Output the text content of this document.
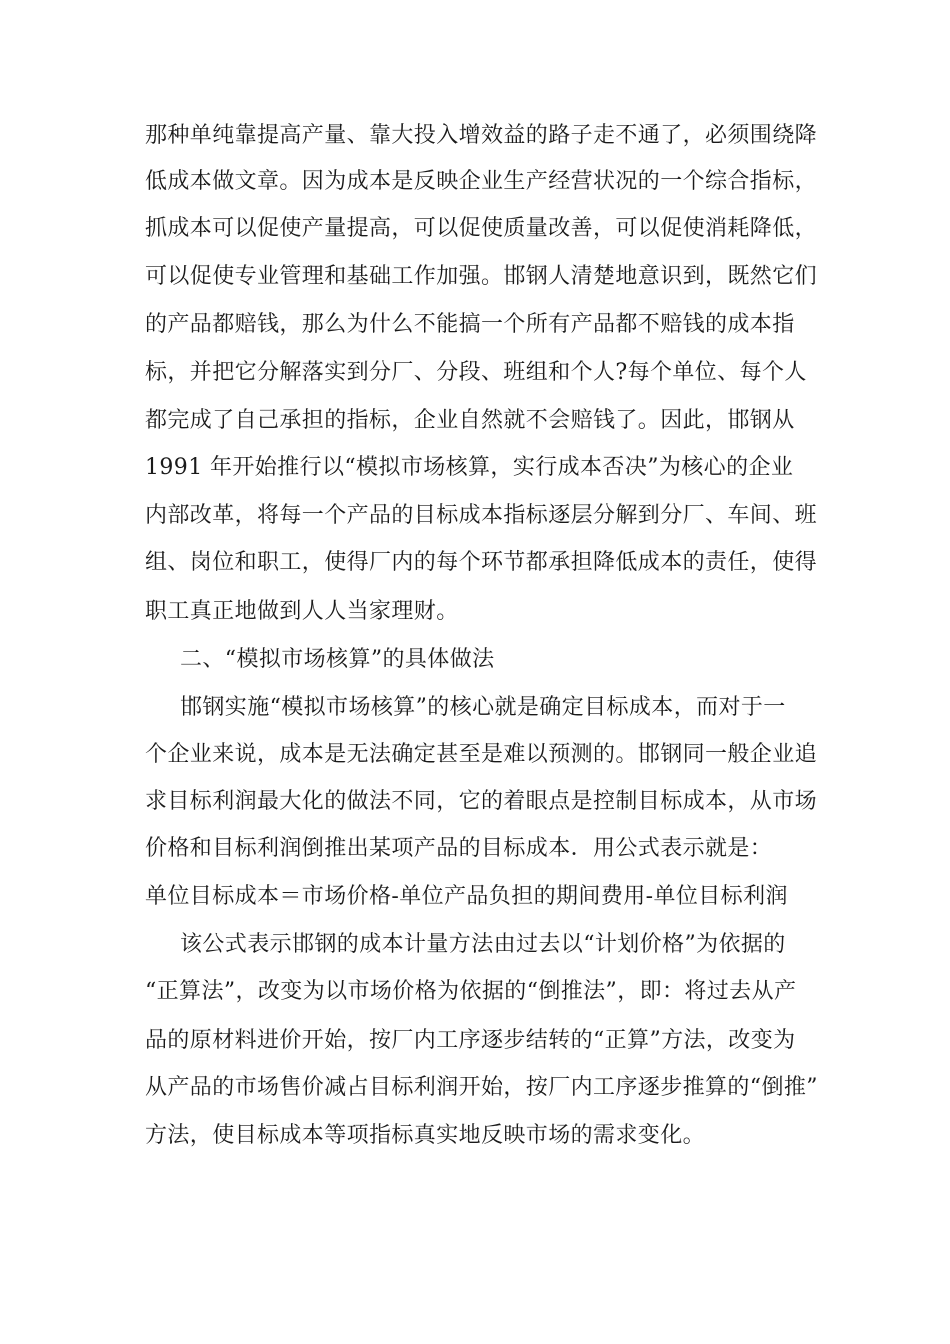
那种单纯靠提高产量、靠大投入增效益的路子走不通了，必须围绕降
低成本做文章。因为成本是反映企业生产经营状况的一个综合指标，
抓成本可以促使产量提高，可以促使质量改善，可以促使消耗降低，
可以促使专业管理和基础工作加强。邯钢人清楚地意识到，既然它们
的产品都赔钱，那么为什么不能搞一个所有产品都不赔钱的成本指
标，并把它分解落实到分厂、分段、班组和个人?每个单位、每个人
都完成了自己承担的指标，企业自然就不会赔钱了。因此，邯钢从
1991 年开始推行以“模拟市场核算，实行成本否决”为核心的企业
内部改革，将每一个产品的目标成本指标逐层分解到分厂、车间、班
组、岗位和职工，使得厂内的每个环节都承担降低成本的责任，使得
职工真正地做到人人当家理财。
二、“模拟市场核算”的具体做法
邯钢实施“模拟市场核算”的核心就是确定目标成本，而对于一
个企业来说，成本是无法确定甚至是难以预测的。邯钢同一般企业追
求目标利润最大化的做法不同，它的着眼点是控制目标成本，从市场
价格和目标利润倒推出某项产品的目标成本．用公式表示就是：
单位目标成本＝市场价格-单位产品负担的期间费用-单位目标利润
该公式表示邯钢的成本计量方法由过去以“计划价格”为依据的
“正算法”，改变为以市场价格为依据的“倒推法”，即：将过去从产
品的原材料进价开始，按厂内工序逐步结转的“正算”方法，改变为
从产品的市场售价减占目标利润开始，按厂内工序逐步推算的“倒推”
方法，使目标成本等项指标真实地反映市场的需求变化。
